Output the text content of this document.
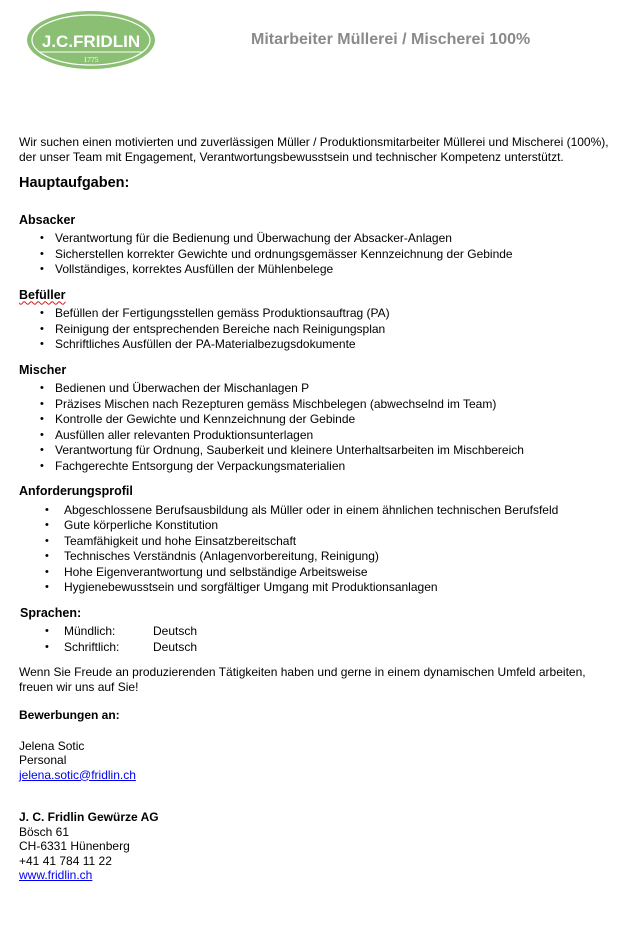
J.C.FRIDLIN
1775
Mitarbeiter Müllerei / Mischerei 100%

Wir suchen einen motivierten und zuverlässigen Müller / Produktionsmitarbeiter Müllerei und Mischerei (100%), der unser Team mit Engagement, Verantwortungsbewusstsein und technischer Kompetenz unterstützt.

Hauptaufgaben:
Absacker
• Verantwortung für die Bedienung und Überwachung der Absacker-Anlagen
• Sicherstellen korrekter Gewichte und ordnungsgemässer Kennzeichnung der Gebinde
• Vollständiges, korrektes Ausfüllen der Mühlenbelege
Befüller
• Befüllen der Fertigungsstellen gemäss Produktionsauftrag (PA)
• Reinigung der entsprechenden Bereiche nach Reinigungsplan
• Schriftliches Ausfüllen der PA-Materialbezugsdokumente
Mischer
• Bedienen und Überwachen der Mischanlagen P
• Präzises Mischen nach Rezepturen gemäss Mischbelegen (abwechselnd im Team)
• Kontrolle der Gewichte und Kennzeichnung der Gebinde
• Ausfüllen aller relevanten Produktionsunterlagen
• Verantwortung für Ordnung, Sauberkeit und kleinere Unterhaltsarbeiten im Mischbereich
• Fachgerechte Entsorgung der Verpackungsmaterialien
Anforderungsprofil
• Abgeschlossene Berufsausbildung als Müller oder in einem ähnlichen technischen Berufsfeld
• Gute körperliche Konstitution
• Teamfähigkeit und hohe Einsatzbereitschaft
• Technisches Verständnis (Anlagenvorbereitung, Reinigung)
• Hohe Eigenverantwortung und selbständige Arbeitsweise
• Hygienebewusstsein und sorgfältiger Umgang mit Produktionsanlagen
Sprachen:
• Mündlich:	Deutsch
• Schriftlich:	Deutsch

Wenn Sie Freude an produzierenden Tätigkeiten haben und gerne in einem dynamischen Umfeld arbeiten, freuen wir uns auf Sie!

Bewerbungen an:
Jelena Sotic
Personal
jelena.sotic@fridlin.ch
J. C. Fridlin Gewürze AG
Bösch 61
CH-6331 Hünenberg
+41 41 784 11 22
www.fridlin.ch
